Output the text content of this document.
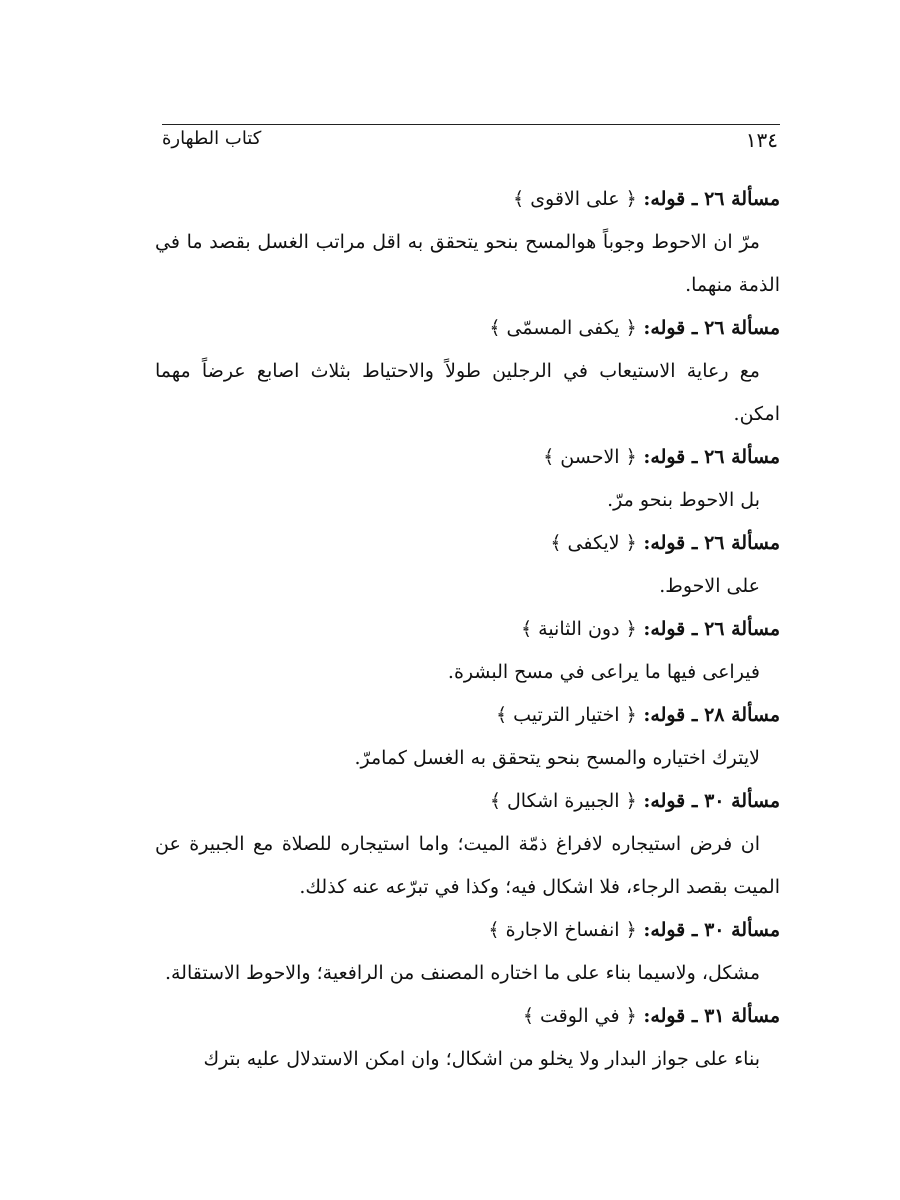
١٣٤
كتاب الطهارة

مسألة ٢٦ ـ قوله: ﴿ على الاقوى ﴾

مرّ ان الاحوط وجوباً هوالمسح بنحو يتحقق به اقل مراتب الغسل بقصد ما في الذمة منهما.

مسألة ٢٦ ـ قوله: ﴿ يكفى المسمّى ﴾

مع رعاية الاستيعاب في الرجلين طولاً والاحتياط بثلاث اصابع عرضاً مهما امكن.

مسألة ٢٦ ـ قوله: ﴿ الاحسن ﴾

بل الاحوط بنحو مرّ.

مسألة ٢٦ ـ قوله: ﴿ لايكفى ﴾

على الاحوط.

مسألة ٢٦ ـ قوله: ﴿ دون الثانية ﴾

فيراعى فيها ما يراعى في مسح البشرة.

مسألة ٢٨ ـ قوله: ﴿ اختيار الترتيب ﴾

لايترك اختياره والمسح بنحو يتحقق به الغسل كمامرّ.

مسألة ٣٠ ـ قوله: ﴿ الجبيرة اشكال ﴾

ان فرض استيجاره لافراغ ذمّة الميت؛ واما استيجاره للصلاة مع الجبيرة عن الميت بقصد الرجاء، فلا اشكال فيه؛ وكذا في تبرّعه عنه كذلك.

مسألة ٣٠ ـ قوله: ﴿ انفساخ الاجارة ﴾

مشكل، ولاسيما بناء على ما اختاره المصنف من الرافعية؛ والاحوط الاستقالة.

مسألة ٣١ ـ قوله: ﴿ في الوقت ﴾

بناء على جواز البدار ولا يخلو من اشكال؛ وان امكن الاستدلال عليه بترك
